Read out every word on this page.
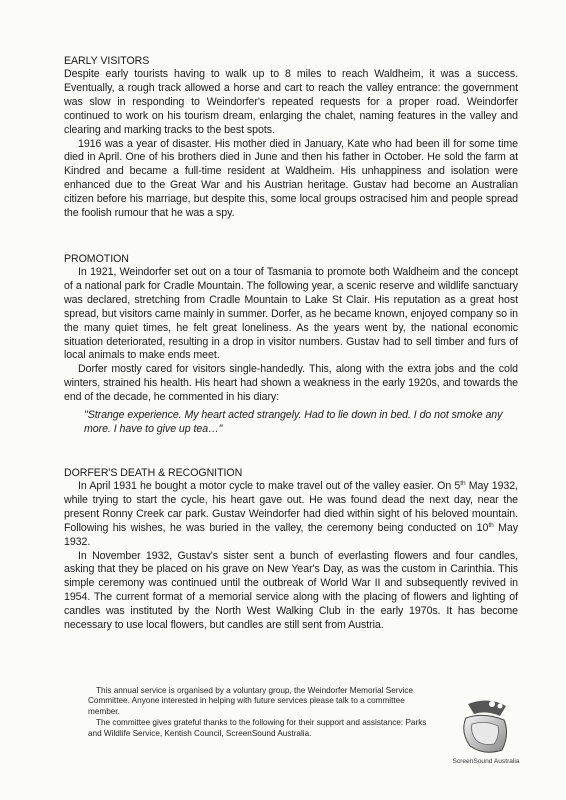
EARLY VISITORS

Despite early tourists having to walk up to 8 miles to reach Waldheim, it was a success. Eventually, a rough track allowed a horse and cart to reach the valley entrance: the government was slow in responding to Weindorfer's repeated requests for a proper road. Weindorfer continued to work on his tourism dream, enlarging the chalet, naming features in the valley and clearing and marking tracks to the best spots.

1916 was a year of disaster. His mother died in January, Kate who had been ill for some time died in April. One of his brothers died in June and then his father in October. He sold the farm at Kindred and became a full-time resident at Waldheim. His unhappiness and isolation were enhanced due to the Great War and his Austrian heritage. Gustav had become an Australian citizen before his marriage, but despite this, some local groups ostracised him and people spread the foolish rumour that he was a spy.

PROMOTION

In 1921, Weindorfer set out on a tour of Tasmania to promote both Waldheim and the concept of a national park for Cradle Mountain. The following year, a scenic reserve and wildlife sanctuary was declared, stretching from Cradle Mountain to Lake St Clair. His reputation as a great host spread, but visitors came mainly in summer. Dorfer, as he became known, enjoyed company so in the many quiet times, he felt great loneliness. As the years went by, the national economic situation deteriorated, resulting in a drop in visitor numbers. Gustav had to sell timber and furs of local animals to make ends meet.

Dorfer mostly cared for visitors single-handedly. This, along with the extra jobs and the cold winters, strained his health. His heart had shown a weakness in the early 1920s, and towards the end of the decade, he commented in his diary:

"Strange experience. My heart acted strangely. Had to lie down in bed. I do not smoke any more. I have to give up tea…"

DORFER'S DEATH & RECOGNITION

In April 1931 he bought a motor cycle to make travel out of the valley easier. On 5th May 1932, while trying to start the cycle, his heart gave out. He was found dead the next day, near the present Ronny Creek car park. Gustav Weindorfer had died within sight of his beloved mountain. Following his wishes, he was buried in the valley, the ceremony being conducted on 10th May 1932.

In November 1932, Gustav's sister sent a bunch of everlasting flowers and four candles, asking that they be placed on his grave on New Year's Day, as was the custom in Carinthia. This simple ceremony was continued until the outbreak of World War II and subsequently revived in 1954. The current format of a memorial service along with the placing of flowers and lighting of candles was instituted by the North West Walking Club in the early 1970s. It has become necessary to use local flowers, but candles are still sent from Austria.

This annual service is organised by a voluntary group, the Weindorfer Memorial Service Committee. Anyone interested in helping with future services please talk to a committee member.

The committee gives grateful thanks to the following for their support and assistance: Parks and Wildlife Service, Kentish Council, ScreenSound Australia.

ScreenSound Australia
